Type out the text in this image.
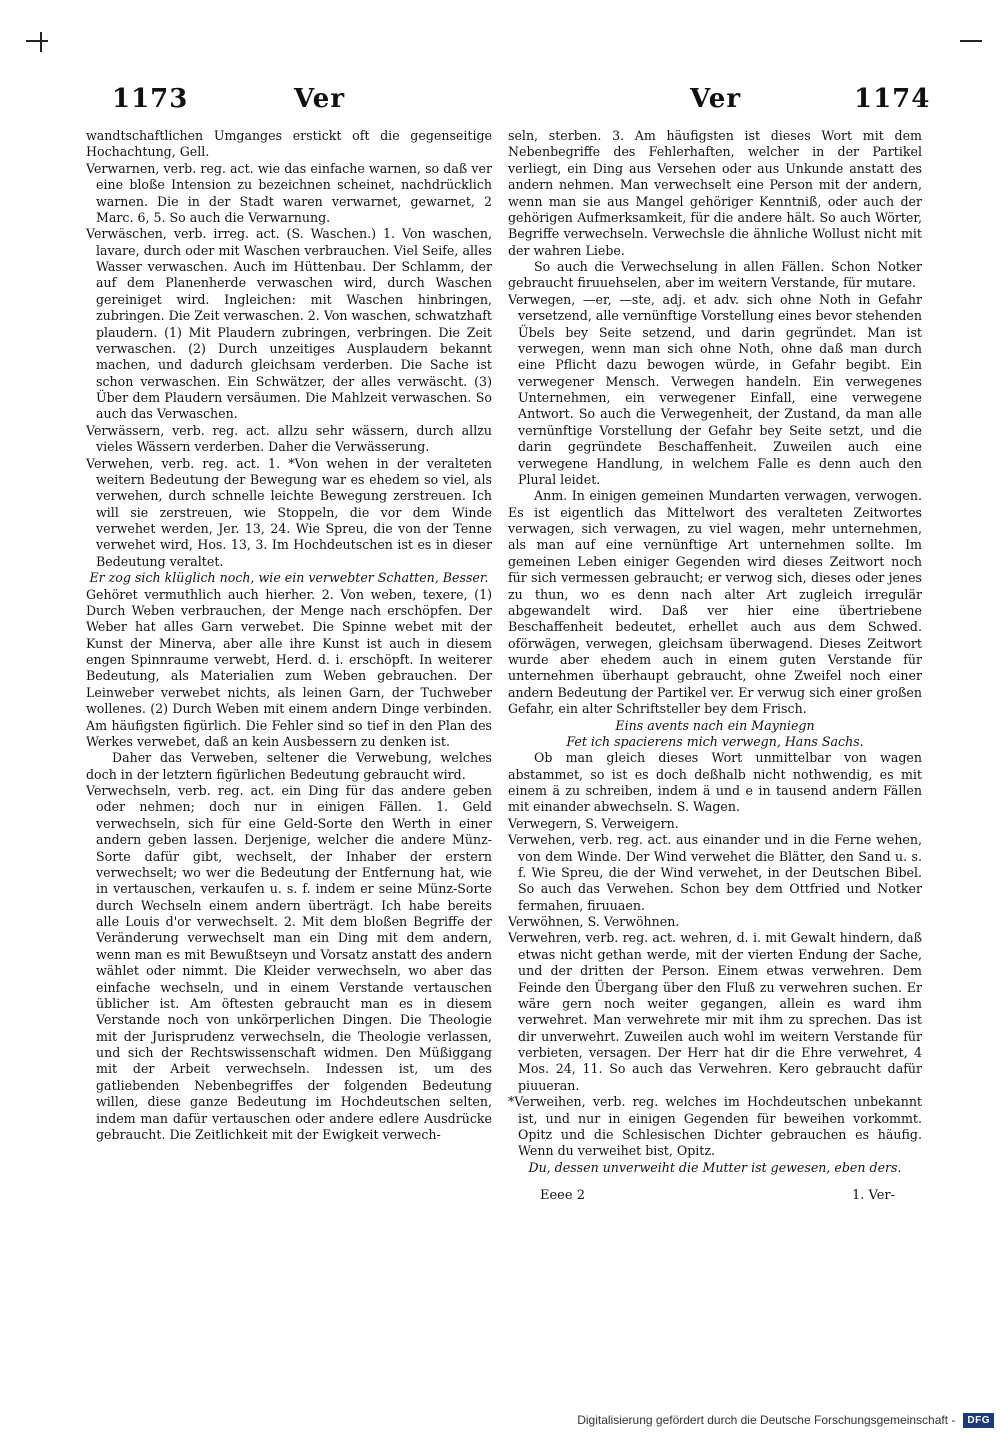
1173	Ver	Ver	1174

wandtschaftlichen Umganges erstickt oft die gegenseitige Hochachtung, Gell.

Verwarnen, verb. reg. act. wie das einfache warnen, so daß ver eine bloße Intension zu bezeichnen scheinet, nachdrücklich warnen. Die in der Stadt waren verwarnet, gewarnet, 2 Marc. 6, 5. So auch die Verwarnung.

Verwäschen, verb. irreg. act. (S. Waschen.) 1. Von waschen, lavare, durch oder mit Waschen verbrauchen. Viel Seife, alles Wasser verwaschen. Auch im Hüttenbau. Der Schlamm, der auf dem Planenherde verwaschen wird, durch Waschen gereiniget wird. Ingleichen: mit Waschen hinbringen, zubringen. Die Zeit verwaschen. 2. Von waschen, schwatzhaft plaudern. (1) Mit Plaudern zubringen, verbringen. Die Zeit verwaschen. (2) Durch unzeitiges Ausplaudern bekannt machen, und dadurch gleichsam verderben. Die Sache ist schon verwaschen. Ein Schwätzer, der alles verwäscht. (3) Über dem Plaudern versäumen. Die Mahlzeit verwaschen. So auch das Verwaschen.

Verwässern, verb. reg. act. allzu sehr wässern, durch allzu vieles Wässern verderben. Daher die Verwässerung.

Verwehen, verb. reg. act. 1. *Von wehen in der veralteten weitern Bedeutung der Bewegung war es ehedem so viel, als verwehen, durch schnelle leichte Bewegung zerstreuen. Ich will sie zerstreuen, wie Stoppeln, die vor dem Winde verwehet werden, Jer. 13, 24. Wie Spreu, die von der Tenne verwehet wird, Hos. 13, 3. Im Hochdeutschen ist es in dieser Bedeutung veraltet.

Er zog sich klüglich noch, wie ein verwebter Schatten, Besser.

Gehöret vermuthlich auch hierher. 2. Von weben, texere, (1) Durch Weben verbrauchen, der Menge nach erschöpfen. Der Weber hat alles Garn verwebet. Die Spinne webet mit der Kunst der Minerva, aber alle ihre Kunst ist auch in diesem engen Spinnraume verwebt, Herd. d. i. erschöpft. In weiterer Bedeutung, als Materialien zum Weben gebrauchen. Der Leinweber verwebet nichts, als leinen Garn, der Tuchweber wollenes. (2) Durch Weben mit einem andern Dinge verbinden. Am häufigsten figürlich. Die Fehler sind so tief in den Plan des Werkes verwebet, daß an kein Ausbessern zu denken ist.

Daher das Verweben, seltener die Verwebung, welches doch in der letztern figürlichen Bedeutung gebraucht wird.

Verwechseln, verb. reg. act. ein Ding für das andere geben oder nehmen; doch nur in einigen Fällen. 1. Geld verwechseln, sich für eine Geld-Sorte den Werth in einer andern geben lassen. Derjenige, welcher die andere Münz-Sorte dafür gibt, wechselt, der Inhaber der erstern verwechselt; wo wer die Bedeutung der Entfernung hat, wie in vertauschen, verkaufen u. s. f. indem er seine Münz-Sorte durch Wechseln einem andern überträgt. Ich habe bereits alle Louis d'or verwechselt. 2. Mit dem bloßen Begriffe der Veränderung verwechselt man ein Ding mit dem andern, wenn man es mit Bewußtseyn und Vorsatz anstatt des andern wählet oder nimmt. Die Kleider verwechseln, wo aber das einfache wechseln, und in einem Verstande vertauschen üblicher ist. Am öftesten gebraucht man es in diesem Verstande noch von unkörperlichen Dingen. Die Theologie mit der Jurisprudenz verwechseln, die Theologie verlassen, und sich der Rechtswissenschaft widmen. Den Müßiggang mit der Arbeit verwechseln. Indessen ist, um des gatliebenden Nebenbegriffes der folgenden Bedeutung willen, diese ganze Bedeutung im Hochdeutschen selten, indem man dafür vertauschen oder andere edlere Ausdrücke gebraucht. Die Zeitlichkeit mit der Ewigkeit verwech-

seln, sterben. 3. Am häufigsten ist dieses Wort mit dem Nebenbegriffe des Fehlerhaften, welcher in der Partikel verliegt, ein Ding aus Versehen oder aus Unkunde anstatt des andern nehmen. Man verwechselt eine Person mit der andern, wenn man sie aus Mangel gehöriger Kenntniß, oder auch der gehörigen Aufmerksamkeit, für die andere hält. So auch Wörter, Begriffe verwechseln. Verwechsle die ähnliche Wollust nicht mit der wahren Liebe.

So auch die Verwechselung in allen Fällen. Schon Notker gebraucht firuuehselen, aber im weitern Verstande, für mutare.

Verwegen, —er, —ste, adj. et adv. sich ohne Noth in Gefahr versetzend, alle vernünftige Vorstellung eines bevor stehenden Übels bey Seite setzend, und darin gegründet. Man ist verwegen, wenn man sich ohne Noth, ohne daß man durch eine Pflicht dazu bewogen würde, in Gefahr begibt. Ein verwegener Mensch. Verwegen handeln. Ein verwegenes Unternehmen, ein verwegener Einfall, eine verwegene Antwort. So auch die Verwegenheit, der Zustand, da man alle vernünftige Vorstellung der Gefahr bey Seite setzt, und die darin gegründete Beschaffenheit. Zuweilen auch eine verwegene Handlung, in welchem Falle es denn auch den Plural leidet.

Anm. In einigen gemeinen Mundarten verwagen, verwogen. Es ist eigentlich das Mittelwort des veralteten Zeitwortes verwagen, sich verwagen, zu viel wagen, mehr unternehmen, als man auf eine vernünftige Art unternehmen sollte. Im gemeinen Leben einiger Gegenden wird dieses Zeitwort noch für sich vermessen gebraucht; er verwog sich, dieses oder jenes zu thun, wo es denn nach alter Art zugleich irregulär abgewandelt wird. Daß ver hier eine übertriebene Beschaffenheit bedeutet, erhellet auch aus dem Schwed. oförwägen, verwegen, gleichsam überwagend. Dieses Zeitwort wurde aber ehedem auch in einem guten Verstande für unternehmen überhaupt gebraucht, ohne Zweifel noch einer andern Bedeutung der Partikel ver. Er verwug sich einer großen Gefahr, ein alter Schriftsteller bey dem Frisch.

Eins avents nach ein Mayniegn

Fet ich spacierens mich verwegn, Hans Sachs.

Ob man gleich dieses Wort unmittelbar von wagen abstammet, so ist es doch deßhalb nicht nothwendig, es mit einem ä zu schreiben, indem ä und e in tausend andern Fällen mit einander abwechseln. S. Wagen.

Verwegern, S. Verweigern.

Verwehen, verb. reg. act. aus einander und in die Ferne wehen, von dem Winde. Der Wind verwehet die Blätter, den Sand u. s. f. Wie Spreu, die der Wind verwehet, in der Deutschen Bibel. So auch das Verwehen. Schon bey dem Ottfried und Notker fermahen, firuuaen.

Verwöhnen, S. Verwöhnen.

Verwehren, verb. reg. act. wehren, d. i. mit Gewalt hindern, daß etwas nicht gethan werde, mit der vierten Endung der Sache, und der dritten der Person. Einem etwas verwehren. Dem Feinde den Übergang über den Fluß zu verwehren suchen. Er wäre gern noch weiter gegangen, allein es ward ihm verwehret. Man verwehrete mir mit ihm zu sprechen. Das ist dir unverwehrt. Zuweilen auch wohl im weitern Verstande für verbieten, versagen. Der Herr hat dir die Ehre verwehret, 4 Mos. 24, 11. So auch das Verwehren. Kero gebraucht dafür piuueran.

*Verweihen, verb. reg. welches im Hochdeutschen unbekannt ist, und nur in einigen Gegenden für beweihen vorkommt. Opitz und die Schlesischen Dichter gebrauchen es häufig. Wenn du verweihet bist, Opitz.

Du, dessen unverweiht die Mutter ist gewesen, eben ders.

Eeee 2	1. Ver-
Digitalisierung gefördert durch die Deutsche Forschungsgemeinschaft -	DFG
